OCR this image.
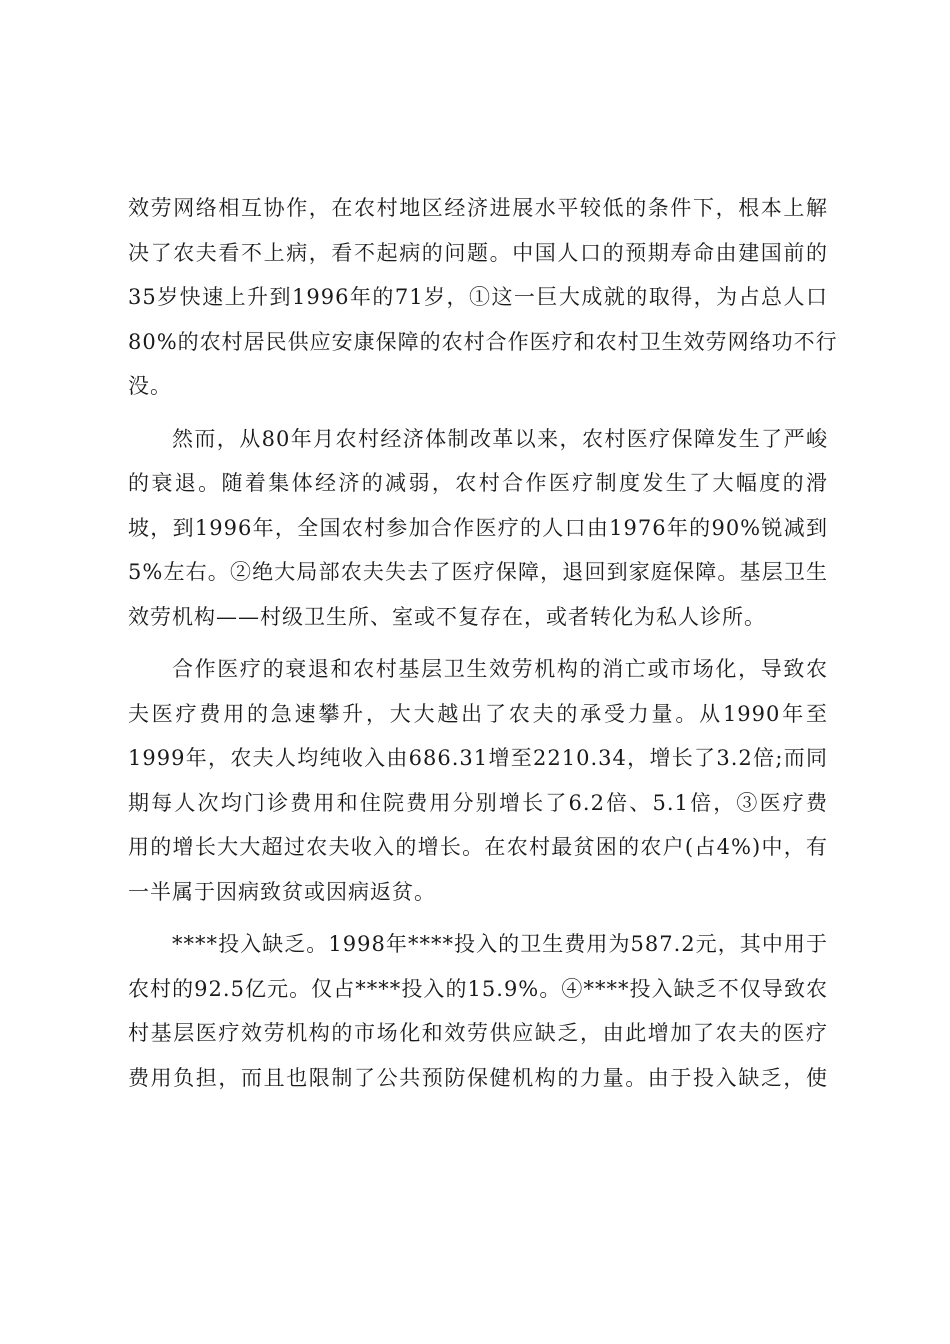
效劳网络相互协作，在农村地区经济进展水平较低的条件下，根本上解
决了农夫看不上病，看不起病的问题。中国人口的预期寿命由建国前的
35岁快速上升到1996年的71岁，①这一巨大成就的取得，为占总人口
80%的农村居民供应安康保障的农村合作医疗和农村卫生效劳网络功不行
没。

然而，从80年月农村经济体制改革以来，农村医疗保障发生了严峻
的衰退。随着集体经济的减弱，农村合作医疗制度发生了大幅度的滑
坡，到1996年，全国农村参加合作医疗的人口由1976年的90%锐减到
5%左右。②绝大局部农夫失去了医疗保障，退回到家庭保障。基层卫生
效劳机构——村级卫生所、室或不复存在，或者转化为私人诊所。

合作医疗的衰退和农村基层卫生效劳机构的消亡或市场化，导致农
夫医疗费用的急速攀升，大大越出了农夫的承受力量。从1990年至
1999年，农夫人均纯收入由686.31增至2210.34，增长了3.2倍;而同
期每人次均门诊费用和住院费用分别增长了6.2倍、5.1倍，③医疗费
用的增长大大超过农夫收入的增长。在农村最贫困的农户(占4%)中，有
一半属于因病致贫或因病返贫。

****投入缺乏。1998年****投入的卫生费用为587.2元，其中用于
农村的92.5亿元。仅占****投入的15.9%。④****投入缺乏不仅导致农
村基层医疗效劳机构的市场化和效劳供应缺乏，由此增加了农夫的医疗
费用负担，而且也限制了公共预防保健机构的力量。由于投入缺乏，使
